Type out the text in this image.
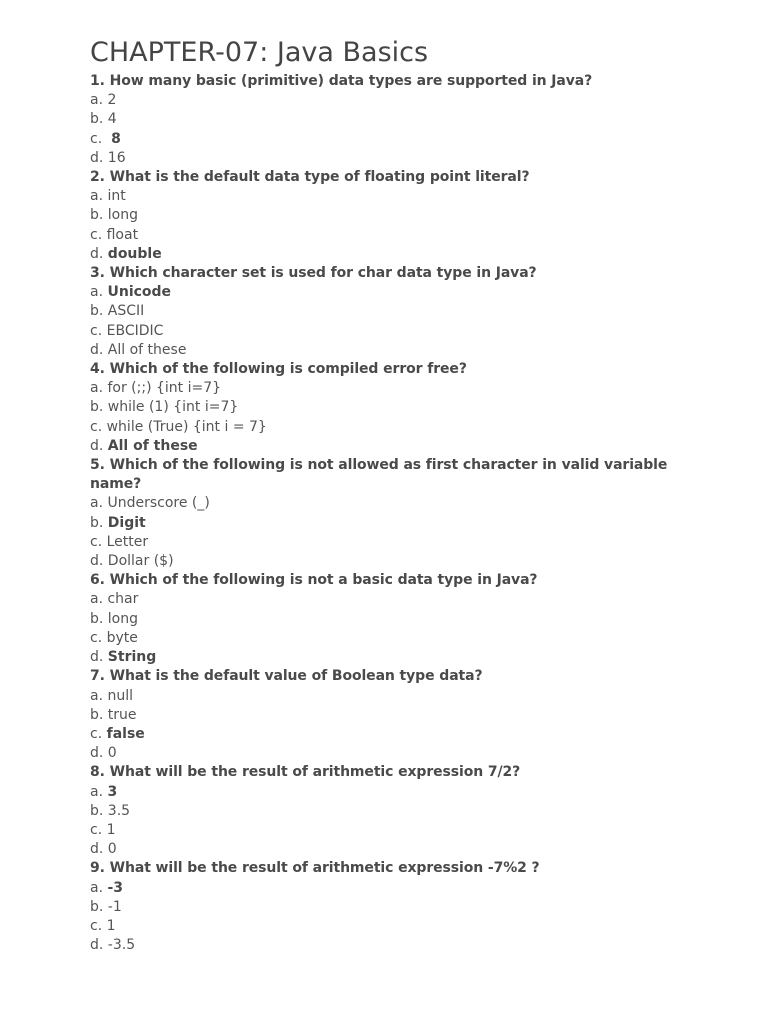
CHAPTER-07: Java Basics
1. How many basic (primitive) data types are supported in Java?
a. 2
b. 4
c.  8
d. 16
2. What is the default data type of floating point literal?
a. int
b. long
c. float
d. double
3. Which character set is used for char data type in Java?
a. Unicode
b. ASCII
c. EBCIDIC
d. All of these
4. Which of the following is compiled error free?
a. for (;;) {int i=7}
b. while (1) {int i=7}
c. while (True) {int i = 7}
d. All of these
5. Which of the following is not allowed as first character in valid variable name?
a. Underscore (_)
b. Digit
c. Letter
d. Dollar ($)
6. Which of the following is not a basic data type in Java?
a. char
b. long
c. byte
d. String
7. What is the default value of Boolean type data?
a. null
b. true
c. false
d. 0
8. What will be the result of arithmetic expression 7/2?
a. 3
b. 3.5
c. 1
d. 0
9. What will be the result of arithmetic expression -7%2 ?
a. -3
b. -1
c. 1
d. -3.5
